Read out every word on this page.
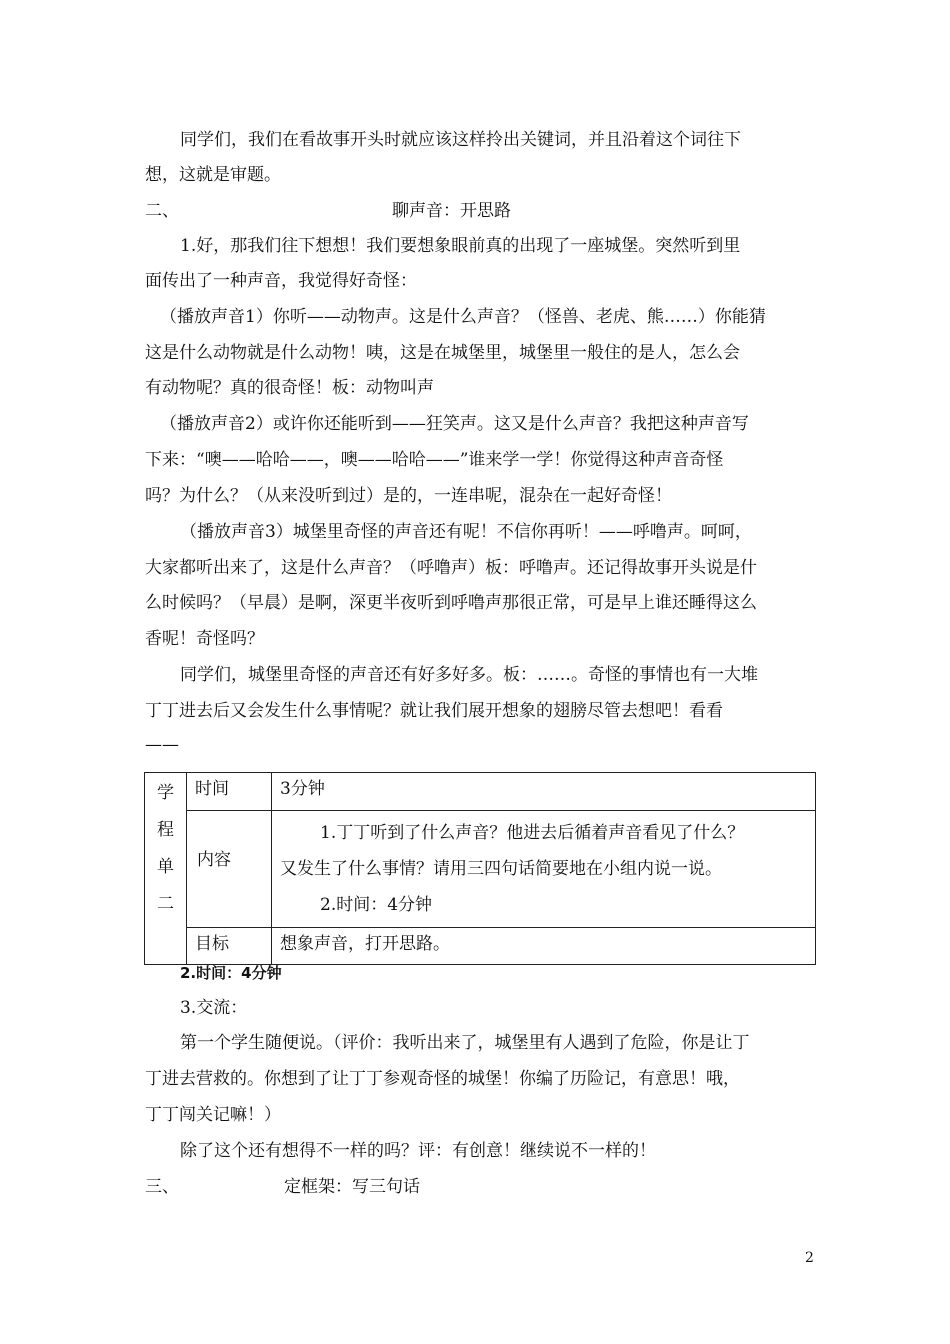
同学们，我们在看故事开头时就应该这样拎出关键词，并且沿着这个词往下
想，这就是审题。
二、	聊声音：开思路
1.好，那我们往下想想！我们要想象眼前真的出现了一座城堡。突然听到里
面传出了一种声音，我觉得好奇怪：
（播放声音1）你听——动物声。这是什么声音？（怪兽、老虎、熊……）你能猜
这是什么动物就是什么动物！咦，这是在城堡里，城堡里一般住的是人，怎么会
有动物呢？真的很奇怪！板：动物叫声
（播放声音2）或许你还能听到——狂笑声。这又是什么声音？我把这种声音写
下来：“噢——哈哈——，噢——哈哈——”谁来学一学！你觉得这种声音奇怪
吗？为什么？（从来没听到过）是的，一连串呢，混杂在一起好奇怪！
（播放声音3）城堡里奇怪的声音还有呢！不信你再听！——呼噜声。呵呵，
大家都听出来了，这是什么声音？（呼噜声）板：呼噜声。还记得故事开头说是什
么时候吗？（早晨）是啊，深更半夜听到呼噜声那很正常，可是早上谁还睡得这么
香呢！奇怪吗？
同学们，城堡里奇怪的声音还有好多好多。板：……。奇怪的事情也有一大堆
丁丁进去后又会发生什么事情呢？就让我们展开想象的翅膀尽管去想吧！看看
——
学
程
单
二	时间	3分钟
	内容	1.丁丁听到了什么声音？他进去后循着声音看见了什么？

又发生了什么事情？请用三四句话简要地在小组内说一说。

2.时间：4分钟

	目标	想象声音，打开思路。
2.时间：4分钟
3.交流：
第一个学生随便说。（评价：我听出来了，城堡里有人遇到了危险，你是让丁
丁进去营救的。你想到了让丁丁参观奇怪的城堡！你编了历险记，有意思！哦，
丁丁闯关记嘛！）
除了这个还有想得不一样的吗？评：有创意！继续说不一样的！
三、	定框架：写三句话
2
